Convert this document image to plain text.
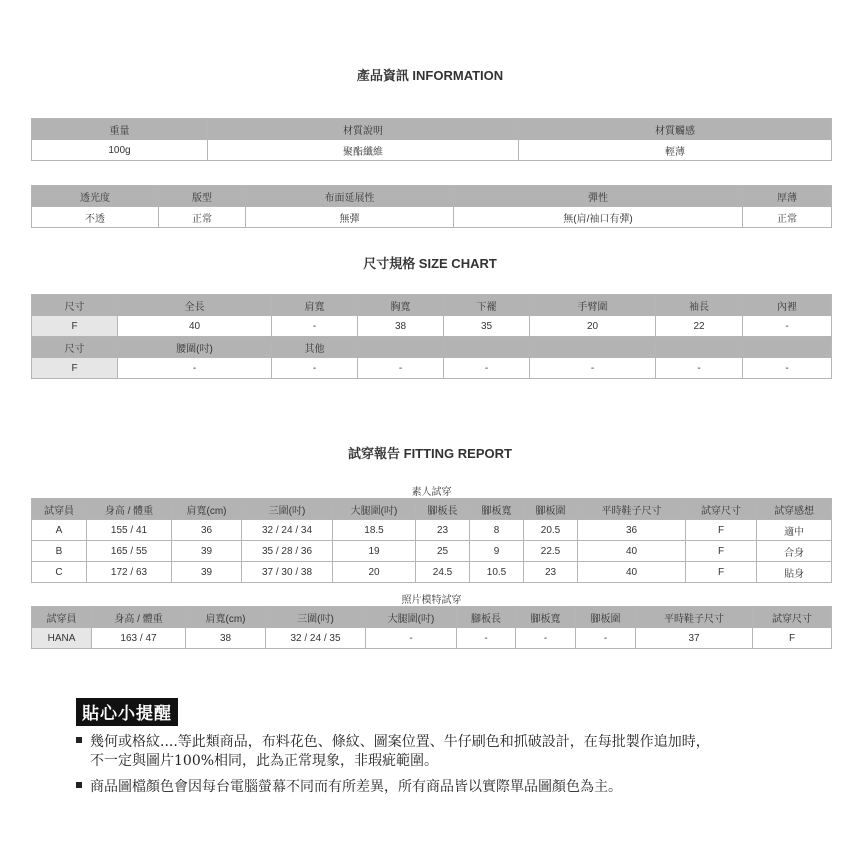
產品資訊 INFORMATION
重量	材質說明	材質觸感
100g	聚酯纖維	輕薄
透光度	版型	布面延展性	彈性	厚薄
不透	正常	無彈	無(肩/袖口有彈)	正常
尺寸規格 SIZE CHART
尺寸	全長	肩寬	胸寬	下襬	手臂圍	袖長	內裡
F	40	-	38	35	20	22	-
尺寸	腰圍(吋)	其他					
F	-	-	-	-	-	-	-
試穿報告 FITTING REPORT
素人試穿										
試穿員	身高 / 體重	肩寬(cm)	三圍(吋)	大腿圍(吋)	腳板長	腳板寬	腳板圍	平時鞋子尺寸	試穿尺寸	試穿感想
A	155 / 41	36	32 / 24 / 34	18.5	23	8	20.5	36	F	適中
B	165 / 55	39	35 / 28 / 36	19	25	9	22.5	40	F	合身
C	172 / 63	39	37 / 30 / 38	20	24.5	10.5	23	40	F	貼身
照片模特試穿									
試穿員	身高 / 體重	肩寬(cm)	三圍(吋)	大腿圍(吋)	腳板長	腳板寬	腳板圍	平時鞋子尺寸	試穿尺寸
HANA	163 / 47	38	32 / 24 / 35	-	-	-	-	37	F
貼心小提醒
幾何或格紋....等此類商品，布料花色、條紋、圖案位置、牛仔刷色和抓破設計，在每批製作追加時，
不一定與圖片100%相同，此為正常現象，非瑕疵範圍。
商品圖檔顏色會因每台電腦螢幕不同而有所差異，所有商品皆以實際單品圖顏色為主。
